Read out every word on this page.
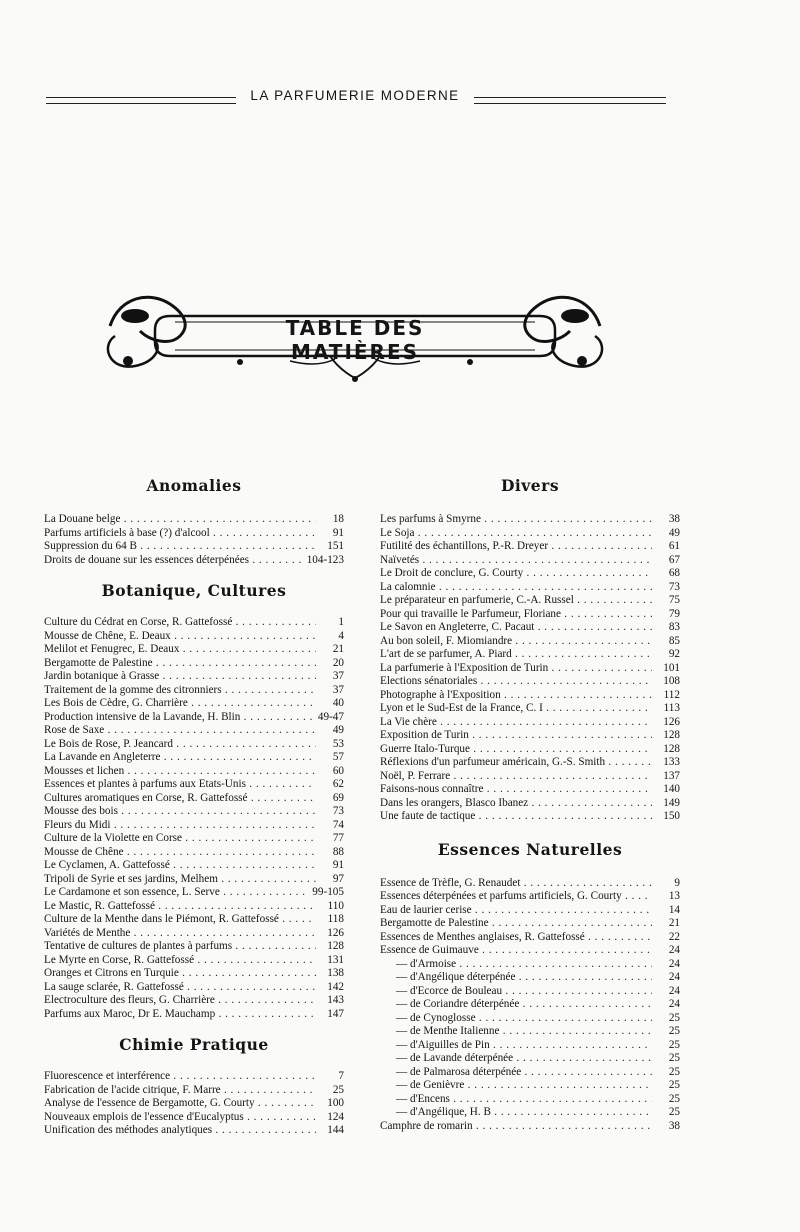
LA PARFUMERIE MODERNE
TABLE DES MATIÈRES
Anomalies
La Douane belge . . .	18
Parfums artificiels à base (?) d'alcool . . .	91
Suppression du 64 B . . .	151
Droits de douane sur les essences déterpénées . . .	104-123
Botanique, Cultures
Culture du Cédrat en Corse, R. Gattefossé . . .	1
Mousse de Chêne, E. Deaux . . .	4
Melilot et Fenugrec, E. Deaux . . .	21
Bergamotte de Palestine . . .	20
Jardin botanique à Grasse . . .	37
Traitement de la gomme des citronniers . . .	37
Les Bois de Cèdre, G. Charrière . . .	40
Production intensive de la Lavande, H. Blin . . .	49-47
Rose de Saxe . . .	49
Le Bois de Rose, P. Jeancard . . .	53
La Lavande en Angleterre . . .	57
Mousses et lichen . . .	60
Essences et plantes à parfums aux Etats-Unis . . .	62
Cultures aromatiques en Corse, R. Gattefossé . . .	69
Mousse des bois . . .	73
Fleurs du Midi . . .	74
Culture de la Violette en Corse . . .	77
Mousse de Chêne . . .	88
Le Cyclamen, A. Gattefossé . . .	91
Tripoli de Syrie et ses jardins, Melhem . . .	97
Le Cardamone et son essence, L. Serve . . .	99-105
Le Mastic, R. Gattefossé . . .	110
Culture de la Menthe dans le Piémont, R. Gattefossé . . .	118
Variétés de Menthe . . .	126
Tentative de cultures de plantes à parfums . . .	128
Le Myrte en Corse, R. Gattefossé . . .	131
Oranges et Citrons en Turquie . . .	138
La sauge sclarée, R. Gattefossé . . .	142
Electroculture des fleurs, G. Charrière . . .	143
Parfums aux Maroc, Dr E. Mauchamp . . .	147
Chimie Pratique
Fluorescence et interférence . . .	7
Fabrication de l'acide citrique, F. Marre . . .	25
Analyse de l'essence de Bergamotte, G. Courty . . .	100
Nouveaux emplois de l'essence d'Eucalyptus . . .	124
Unification des méthodes analytiques . . .	144
Divers
Les parfums à Smyrne . . .	38
Le Soja . . .	49
Futilité des échantillons, P.-R. Dreyer . . .	61
Naïvetés . . .	67
Le Droit de conclure, G. Courty . . .	68
La calomnie . . .	73
Le préparateur en parfumerie, C.-A. Russel . . .	75
Pour qui travaille le Parfumeur, Floriane . . .	79
Le Savon en Angleterre, C. Pacaut . . .	83
Au bon soleil, F. Miomiandre . . .	85
L'art de se parfumer, A. Piard . . .	92
La parfumerie à l'Exposition de Turin . . .	101
Elections sénatoriales . . .	108
Photographe à l'Exposition . . .	112
Lyon et le Sud-Est de la France, C. I . . .	113
La Vie chère . . .	126
Exposition de Turin . . .	128
Guerre Italo-Turque . . .	128
Réflexions d'un parfumeur américain, G.-S. Smith . . .	133
Noël, P. Ferrare . . .	137
Faisons-nous connaître . . .	140
Dans les orangers, Blasco Ibanez . . .	149
Une faute de tactique . . .	150
Essences Naturelles
Essence de Trèfle, G. Renaudet . . .	9
Essences déterpénées et parfums artificiels, G. Courty . . .	13
Eau de laurier cerise . . .	14
Bergamotte de Palestine . . .	21
Essences de Menthes anglaises, R. Gattefossé . . .	22
Essence de Guimauve . . .	24
— d'Armoise . . .	24
— d'Angélique déterpénée . . .	24
— d'Ecorce de Bouleau . . .	24
— de Coriandre déterpénée . . .	24
— de Cynoglosse . . .	25
— de Menthe Italienne . . .	25
— d'Aiguilles de Pin . . .	25
— de Lavande déterpénée . . .	25
— de Palmarosa déterpénée . . .	25
— de Genièvre . . .	25
— d'Encens . . .	25
— d'Angélique, H. B . . .	25
Camphre de romarin . . .	38
